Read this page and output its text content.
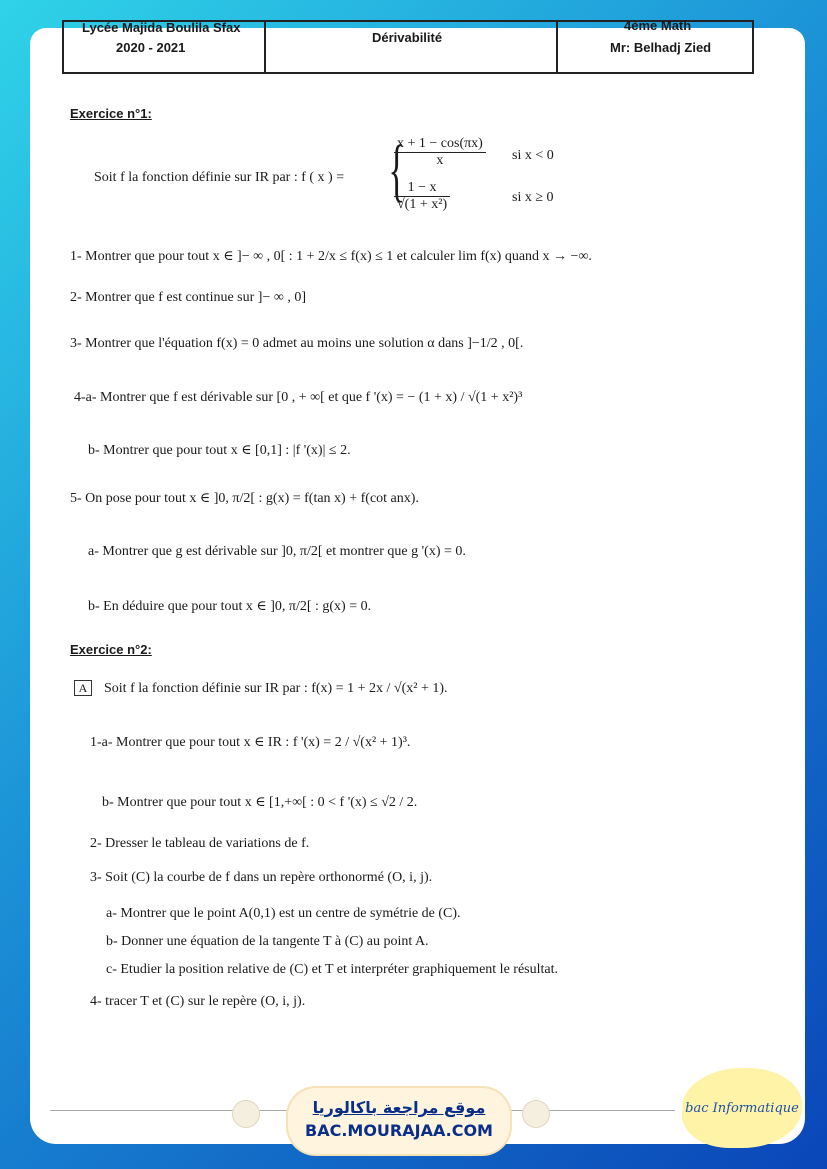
Lycée Majida Boulila Sfax
2020 - 2021
Dérivabilité
4ème Math
Mr: Belhadj Zied
Exercice n°1:
Soit f la fonction définie sur IR par : f ( x ) = {
$\frac{x + 1 - \cos(\pi x)}{x}$ si x < 0
$\frac{1 - x}{\text{√(1 + x²)}}$	si x ≥ 0
1- Montrer que pour tout x ∈ ]− ∞ , 0[ : 1 + 2/x ≤ f(x) ≤ 1 et calculer lim f(x) quand x → −∞.
2- Montrer que f est continue sur ]− ∞ , 0]
3- Montrer que l'équation f(x) = 0 admet au moins une solution α dans ]−1/2 , 0[.
4-a- Montrer que f est dérivable sur [0 , + ∞[ et que f '(x) = − (1 + x) / √(1 + x²)³
b- Montrer que pour tout x ∈ [0,1] : |f '(x)| ≤ 2.
5- On pose pour tout x ∈ ]0, π/2[ : g(x) = f(tan x) + f(cot anx).
a- Montrer que g est dérivable sur ]0, π/2[ et montrer que g '(x) = 0.
b- En déduire que pour tout x ∈ ]0, π/2[ : g(x) = 0.
Exercice n°2:
A Soit f la fonction définie sur IR par : f(x) = 1 + 2x / √(x² + 1).
1-a- Montrer que pour tout x ∈ IR : f '(x) = 2 / √(x² + 1)³.
b- Montrer que pour tout x ∈ [1,+∞[ : 0 < f '(x) ≤ √2 / 2.
2- Dresser le tableau de variations de f.
3- Soit (C) la courbe de f dans un repère orthonormé (O, i, j).
a- Montrer que le point A(0,1) est un centre de symétrie de (C).
b- Donner une équation de la tangente T à (C) au point A.
c- Etudier la position relative de (C) et T et interpréter graphiquement le résultat.
4- tracer T et (C) sur le repère (O, i, j).
موقع مراجعة باكالوريا
BAC.MOURAJAA.COM
bac Informatique
